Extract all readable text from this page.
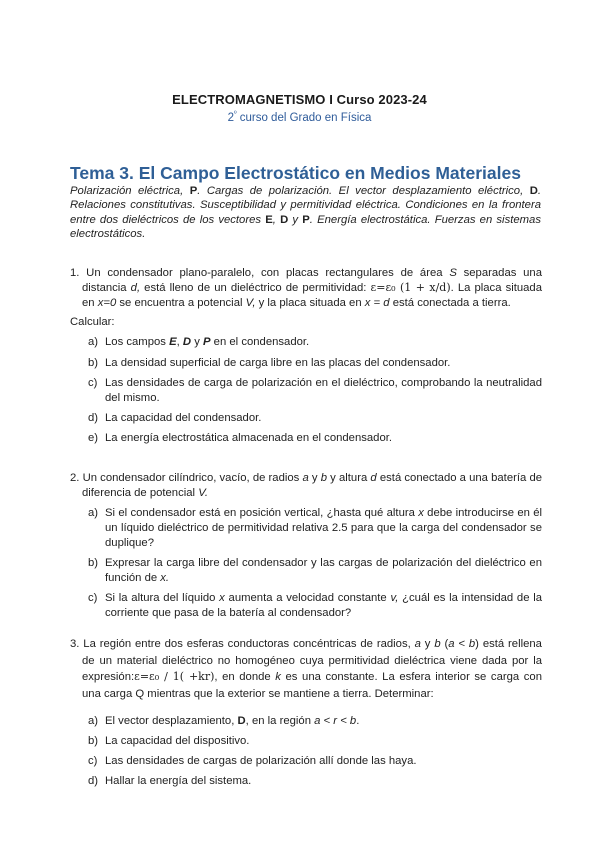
ELECTROMAGNETISMO I Curso 2023-24
$2^º$ curso del Grado en Física
Tema 3. El Campo Electrostático en Medios Materiales
Polarización eléctrica, P. Cargas de polarización. El vector desplazamiento eléctrico, D. Relaciones constitutivas. Susceptibilidad y permitividad eléctrica. Condiciones en la frontera entre dos dieléctricos de los vectores E, D y P. Energía electrostática. Fuerzas en sistemas electrostáticos.
1. Un condensador plano-paralelo, con placas rectangulares de área S separadas una distancia d, está lleno de un dieléctrico de permitividad: ε=ε₀ (1 + x/d). La placa situada en x=0 se encuentra a potencial V, y la placa situada en x = d está conectada a tierra.
Calcular:
a) Los campos E, D y P en el condensador.
b) La densidad superficial de carga libre en las placas del condensador.
c) Las densidades de carga de polarización en el dieléctrico, comprobando la neutralidad del mismo.
d) La capacidad del condensador.
e) La energía electrostática almacenada en el condensador.
2. Un condensador cilíndrico, vacío, de radios a y b y altura d está conectado a una batería de diferencia de potencial V.
a) Si el condensador está en posición vertical, ¿hasta qué altura x debe introducirse en él un líquido dieléctrico de permitividad relativa 2.5 para que la carga del condensador se duplique?
b) Expresar la carga libre del condensador y las cargas de polarización del dieléctrico en función de x.
c) Si la altura del líquido x aumenta a velocidad constante v, ¿cuál es la intensidad de la corriente que pasa de la batería al condensador?
3. La región entre dos esferas conductoras concéntricas de radios, a y b (a < b) está rellena de un material dieléctrico no homogéneo cuya permitividad dieléctrica viene dada por la expresión:ε=ε₀ / 1( +kr), en donde k es una constante. La esfera interior se carga con una carga Q mientras que la exterior se mantiene a tierra. Determinar:
a) El vector desplazamiento, D, en la región a < r < b.
b) La capacidad del dispositivo.
c) Las densidades de cargas de polarización allí donde las haya.
d) Hallar la energía del sistema.
